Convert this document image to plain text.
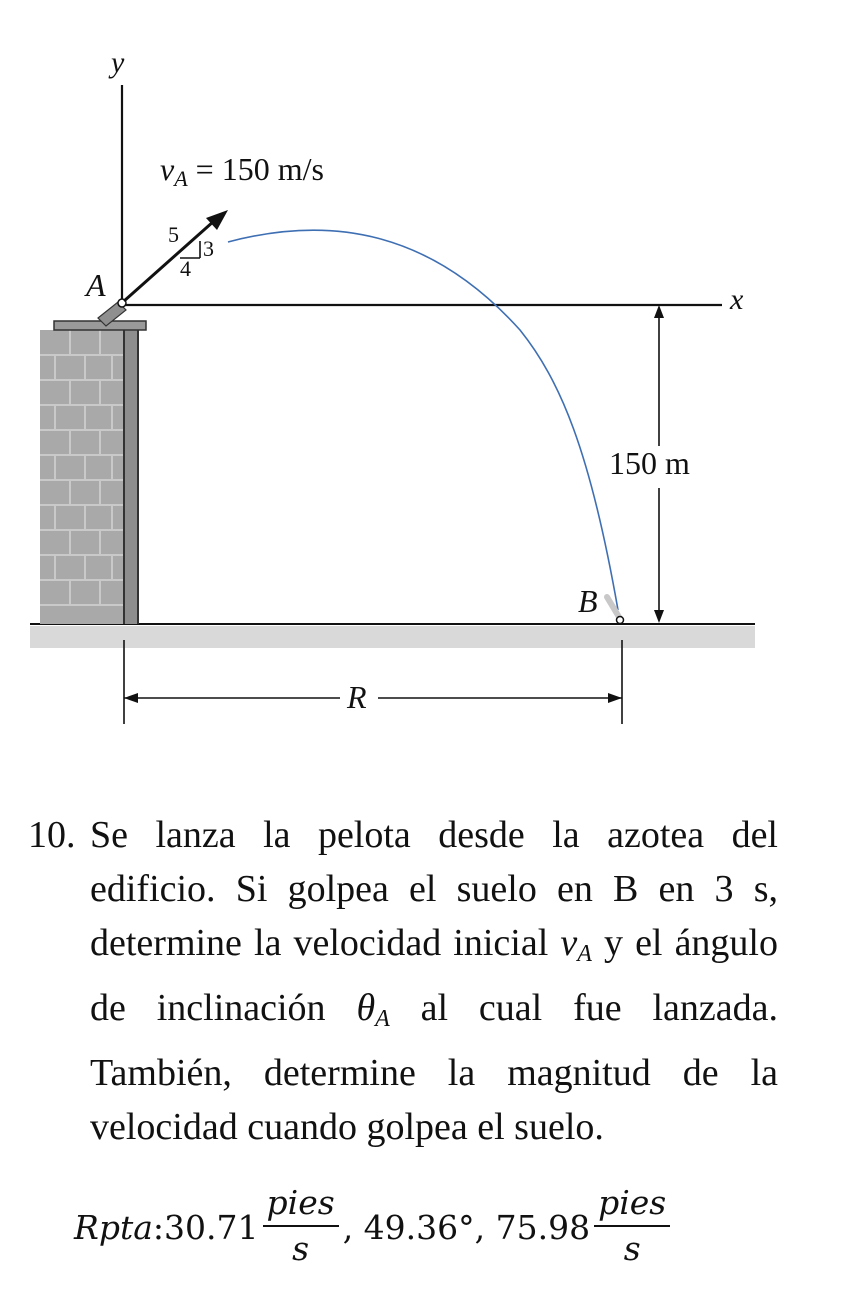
y
x
A
vA = 150 m/s
5
3
4
B
150 m
R
10. Se lanza la pelota desde la azotea del edificio. Si golpea el suelo en B en 3 s, determine la velocidad inicial $v_A$ y el ángulo de inclinación $\theta_A$ al cual fue lanzada. También, determine la magnitud de la velocidad cuando golpea el suelo.
Rpta : $30.71 \frac{\text{pies}}{s}$ , 49.36°, $75.98 \frac{\text{pies}}{s}$
